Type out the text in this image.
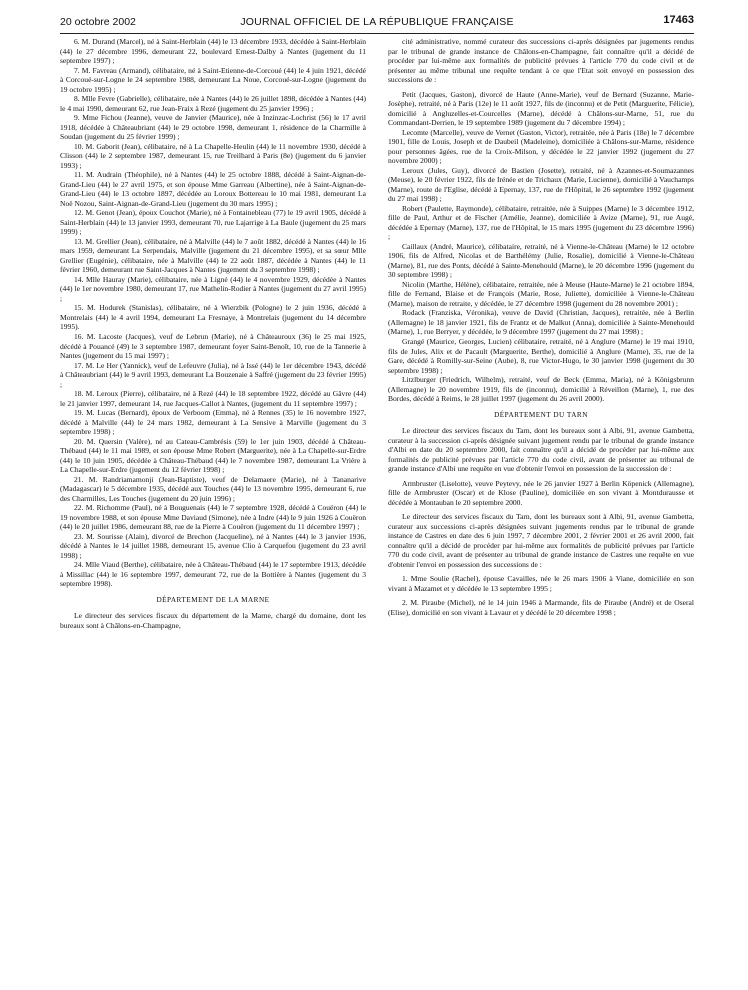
20 octobre 2002	JOURNAL OFFICIEL DE LA RÉPUBLIQUE FRANÇAISE	17463

6. M. Durand (Marcel), né à Saint-Herblain (44) le 13 décembre 1933, décédée à Saint-Herblain (44) le 27 décembre 1996, demeurant 22, boulevard Ernest-Dalby à Nantes (jugement du 11 septembre 1997) ;

7. M. Favreau (Armand), célibataire, né à Saint-Etienne-de-Corcoué (44) le 4 juin 1921, décédé à Corcoué-sur-Logne le 24 septembre 1988, demeurant La Noue, Corcoué-sur-Logne (jugement du 19 octobre 1995) ;

8. Mlle Fevre (Gabrielle), célibataire, née à Nantes (44) le 26 juillet 1898, décédée à Nantes (44) le 4 mai 1990, demeurant 62, rue Jean-Fraix à Rezé (jugement du 25 janvier 1996) ;

9. Mme Fichou (Jeanne), veuve de Janvier (Maurice), née à Inzinzac-Lochrist (56) le 17 avril 1918, décédée à Châteaubriant (44) le 29 octobre 1998, demeurant 1, résidence de la Charmille à Soudan (jugement du 25 février 1999) ;

10. M. Gaborit (Jean), célibataire, né à La Chapelle-Heulin (44) le 11 novembre 1930, décédé à Clisson (44) le 2 septembre 1987, demeurant 15, rue Treilhard à Paris (8e) (jugement du 6 janvier 1993) ;

11. M. Audrain (Théophile), né à Nantes (44) le 25 octobre 1888, décédé à Saint-Aignan-de-Grand-Lieu (44) le 27 avril 1975, et son épouse Mme Garreau (Albertine), née à Saint-Aignan-de-Grand-Lieu (44) le 13 octobre 1897, décédée au Loroux Bottereau le 10 mai 1981, demeurant La Noë Nozou, Saint-Aignan-de-Grand-Lieu (jugement du 30 mars 1995) ;

12. M. Genot (Jean), époux Couchot (Marie), né à Fontainebleau (77) le 19 avril 1905, décédé à Saint-Herblain (44) le 13 janvier 1993, demeurant 70, rue Lajarrige à La Baule (jugement du 25 mars 1999) ;

13. M. Grellier (Jean), célibataire, né à Malville (44) le 7 août 1882, décédé à Nantes (44) le 16 mars 1959, demeurant La Serpendais, Malville (jugement du 21 décembre 1995), et sa sœur Mlle Grellier (Eugénie), célibataire, née à Malville (44) le 22 août 1887, décédée à Nantes (44) le 11 février 1960, demeurant rue Saint-Jacques à Nantes (jugement du 3 septembre 1998) ;

14. Mlle Hauray (Marie), célibataire, née à Ligné (44) le 4 novembre 1929, décédée à Nantes (44) le 1er novembre 1980, demeurant 17, rue Mathelin-Rodier à Nantes (jugement du 27 avril 1995) ;

15. M. Hodurek (Stanislas), célibataire, né à Wierzbik (Pologne) le 2 juin 1936, décédé à Montrelais (44) le 4 avril 1994, demeurant La Fresnaye, à Montrelais (jugement du 14 décembre 1995).

16. M. Lacoste (Jacques), veuf de Lebrun (Marie), né à Châteauroux (36) le 25 mai 1925, décédé à Pouancé (49) le 3 septembre 1987, demeurant foyer Saint-Benoît, 10, rue de la Tannerie à Nantes (jugement du 15 mai 1997) ;

17. M. Le Her (Yannick), veuf de Lefeuvre (Julia), né à Issé (44) le 1er décembre 1943, décédé à Châteaubriant (44) le 9 avril 1993, demeurant La Bouzenaie à Saffré (jugement du 23 février 1995) ;

18. M. Leroux (Pierre), célibataire, né à Rezé (44) le 18 septembre 1922, décédé au Gâvre (44) le 21 janvier 1997, demeurant 14, rue Jacques-Callot à Nantes, (jugement du 11 septembre 1997) ;

19. M. Lucas (Bernard), époux de Verboom (Emma), né à Rennes (35) le 16 novembre 1927, décédé à Malville (44) le 24 mars 1982, demeurant à La Sensive à Marville (jugement du 3 septembre 1998) ;

20. M. Quersin (Valère), né au Cateau-Cambrésis (59) le 1er juin 1903, décédé à Château-Thébaud (44) le 11 mai 1989, et son épouse Mme Robert (Marguerite), née à La Chapelle-sur-Erdre (44) le 10 juin 1905, décédée à Château-Thébaud (44) le 7 novembre 1987, demeurant La Vrière à La Chapelle-sur-Erdre (jugement du 12 février 1998) ;

21. M. Randriamamonji (Jean-Baptiste), veuf de Delamaere (Marie), né à Tananarive (Madagascar) le 5 décembre 1935, décédé aux Touches (44) le 13 novembre 1995, demeurant 6, rue des Charmilles, Les Touches (jugement du 20 juin 1996) ;

22. M. Richomme (Paul), né à Bouguenais (44) le 7 septembre 1928, décédé à Couëron (44) le 19 novembre 1988, et son épouse Mme Daviaud (Simone), née à Indre (44) le 9 juin 1926 à Couëron (44) le 20 juillet 1986, demeurant 88, rue de la Pierre à Couëron (jugement du 11 décembre 1997) ;

23. M. Sourisse (Alain), divorcé de Brechon (Jacqueline), né à Nantes (44) le 3 janvier 1936, décédé à Nantes le 14 juillet 1988, demeurant 15, avenue Clio à Carquefou (jugement du 23 avril 1998) ;

24. Mlle Viaud (Berthe), célibataire, née à Château-Thébaud (44) le 17 septembre 1913, décédée à Missillac (44) le 16 septembre 1997, demeurant 72, rue de la Bottière à Nantes (jugement du 3 septembre 1998).

DÉPARTEMENT DE LA MARNE

Le directeur des services fiscaux du département de la Marne, chargé du domaine, dont les bureaux sont à Châlons-en-Champagne,

cité administrative, nommé curateur des successions ci-après désignées par jugements rendus par le tribunal de grande instance de Châlons-en-Champagne, fait connaître qu'il a décidé de procéder par lui-même aux formalités de publicité prévues à l'article 770 du code civil et de présenter au même tribunal une requête tendant à ce que l'Etat soit envoyé en possession des successions de :

Petit (Jacques, Gaston), divorcé de Haute (Anne-Marie), veuf de Bernard (Suzanne, Marie-Josèphe), retraité, né à Paris (12e) le 11 août 1927, fils de (inconnu) et de Petit (Marguerite, Félicie), domicilié à Angluzelles-et-Courcelles (Marne), décédé à Châlons-sur-Marne, 51, rue du Commandant-Derrien, le 19 septembre 1989 (jugement du 7 décembre 1994) ;

Lecomte (Marcelle), veuve de Vernet (Gaston, Victor), retraitée, née à Paris (18e) le 7 décembre 1901, fille de Louis, Joseph et de Daubeil (Madeleine), domiciliée à Châlons-sur-Marne, résidence pour personnes âgées, rue de la Croix-Milson, y décédée le 22 janvier 1992 (jugement du 27 novembre 2000) ;

Leroux (Jules, Guy), divorcé de Bastien (Josette), retraité, né à Azannes-et-Soumazannes (Meuse), le 20 février 1922, fils de Irénée et de Trichaux (Marie, Lucienne), domicilié à Vauchamps (Marne), route de l'Eglise, décédé à Epernay, 137, rue de l'Hôpital, le 26 septembre 1992 (jugement du 27 mai 1998) ;

Robert (Paulette, Raymonde), célibataire, retraitée, née à Suippes (Marne) le 3 décembre 1912, fille de Paul, Arthur et de Fischer (Amélie, Jeanne), domiciliée à Avize (Marne), 91, rue Augé, décédée à Epernay (Marne), 137, rue de l'Hôpital, le 15 mars 1995 (jugement du 23 décembre 1996) ;

Caillaux (André, Maurice), célibataire, retraité, né à Vienne-le-Château (Marne) le 12 octobre 1906, fils de Alfred, Nicolas et de Barthélémy (Julie, Rosalie), domicilié à Vienne-le-Château (Marne), 81, rue des Ponts, décédé à Sainte-Menehould (Marne), le 20 décembre 1996 (jugement du 30 septembre 1998) ;

Nicolin (Marthe, Hélène), célibataire, retraitée, née à Meuse (Haute-Marne) le 21 octobre 1894, fille de Fernand, Blaise et de François (Marie, Rose, Juliette), domiciliée à Vienne-le-Château (Marne), maison de retraite, y décédée, le 27 décembre 1998 (jugement du 28 novembre 2001) ;

Rodack (Franziska, Véronika), veuve de David (Christian, Jacques), retraitée, née à Berlin (Allemagne) le 18 janvier 1921, fils de Frantz et de Malkut (Anna), domiciliée à Sainte-Menehould (Marne), 1, rue Berryer, y décédée, le 9 décembre 1997 (jugement du 27 mai 1998) ;

Grangé (Maurice, Georges, Lucien) célibataire, retraité, né à Anglure (Marne) le 19 mai 1910, fils de Jules, Alix et de Pacault (Marguerite, Berthe), domicilié à Anglure (Marne), 35, rue de la Gare, décédé à Romilly-sur-Seine (Aube), 8, rue Victor-Hugo, le 30 janvier 1998 (jugement du 30 septembre 1998) ;

Litzlburger (Friedrich, Wilhelm), retraité, veuf de Beck (Emma, Maria), né à Königsbrunn (Allemagne) le 20 novembre 1919, fils de (inconnu), domicilié à Réveillon (Marne), 1, rue des Bordes, décédé à Reims, le 28 juillet 1997 (jugement du 26 avril 2000).

DÉPARTEMENT DU TARN

Le directeur des services fiscaux du Tarn, dont les bureaux sont à Albi, 91, avenue Gambetta, curateur à la succession ci-après désignée suivant jugement rendu par le tribunal de grande instance d'Albi en date du 20 septembre 2000, fait connaître qu'il a décidé de procéder par lui-même aux formalités de publicité prévues par l'article 770 du code civil, avant de présenter au tribunal de grande instance d'Albi une requête en vue d'obtenir l'envoi en possession de la succession de :

Armbruster (Liselotte), veuve Peytevy, née le 26 janvier 1927 à Berlin Köpenick (Allemagne), fille de Armbruster (Oscar) et de Klose (Pauline), domiciliée en son vivant à Montdurausse et décédée à Montauban le 20 septembre 2000.

Le directeur des services fiscaux du Tarn, dont les bureaux sont à Albi, 91, avenue Gambetta, curateur aux successions ci-après désignées suivant jugements rendus par le tribunal de grande instance de Castres en date des 6 juin 1997, 7 décembre 2001, 2 février 2001 et 26 avril 2000, fait connaître qu'il a décidé de procéder par lui-même aux formalités de publicité prévues par l'article 770 du code civil, avant de présenter au tribunal de grande instance de Castres une requête en vue d'obtenir l'envoi en possession des successions de :

1. Mme Soulie (Rachel), épouse Cavailles, née le 26 mars 1906 à Viane, domiciliée en son vivant à Mazamet et y décédée le 13 septembre 1995 ;

2. M. Piraube (Michel), né le 14 juin 1946 à Marmande, fils de Piraube (André) et de Oseral (Elise), domicilié en son vivant à Lavaur et y décédé le 20 décembre 1998 ;
